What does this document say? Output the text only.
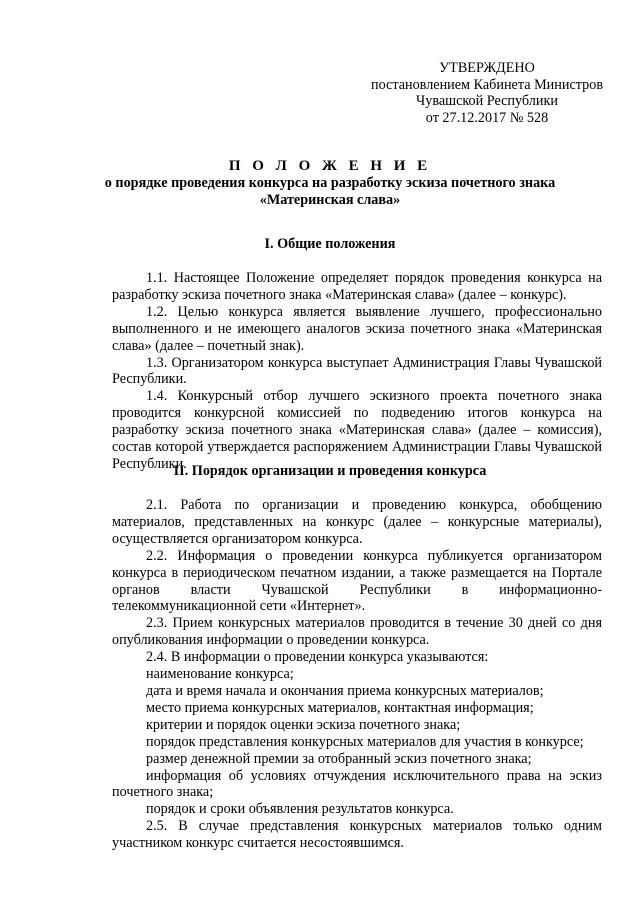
УТВЕРЖДЕНО
постановлением Кабинета Министров
Чувашской Республики
от 27.12.2017 № 528
П О Л О Ж Е Н И Е
о порядке проведения конкурса на разработку эскиза почетного знака
«Материнская слава»
I. Общие положения

1.1. Настоящее Положение определяет порядок проведения конкурса на разработку эскиза почетного знака «Материнская слава» (далее – конкурс).

1.2. Целью конкурса является выявление лучшего, профессионально выполненного и не имеющего аналогов эскиза почетного знака «Материнская слава» (далее – почетный знак).

1.3. Организатором конкурса выступает Администрация Главы Чувашской Республики.

1.4. Конкурсный отбор лучшего эскизного проекта почетного знака проводится конкурсной комиссией по подведению итогов конкурса на разработку эскиза почетного знака «Материнская слава» (далее – комиссия), состав которой утверждается распоряжением Администрации Главы Чувашской Республики.

II. Порядок организации и проведения конкурса

2.1. Работа по организации и проведению конкурса, обобщению материалов, представленных на конкурс (далее – конкурсные материалы), осуществляется организатором конкурса.

2.2. Информация о проведении конкурса публикуется организатором конкурса в периодическом печатном издании, а также размещается на Портале органов власти Чувашской Республики в информационно-телекоммуникационной сети «Интернет».

2.3. Прием конкурсных материалов проводится в течение 30 дней со дня опубликования информации о проведении конкурса.

2.4. В информации о проведении конкурса указываются:

наименование конкурса;

дата и время начала и окончания приема конкурсных материалов;

место приема конкурсных материалов, контактная информация;

критерии и порядок оценки эскиза почетного знака;

порядок представления конкурсных материалов для участия в конкурсе;

размер денежной премии за отобранный эскиз почетного знака;

информация об условиях отчуждения исключительного права на эскиз почетного знака;

порядок и сроки объявления результатов конкурса.

2.5. В случае представления конкурсных материалов только одним участником конкурс считается несостоявшимся.
